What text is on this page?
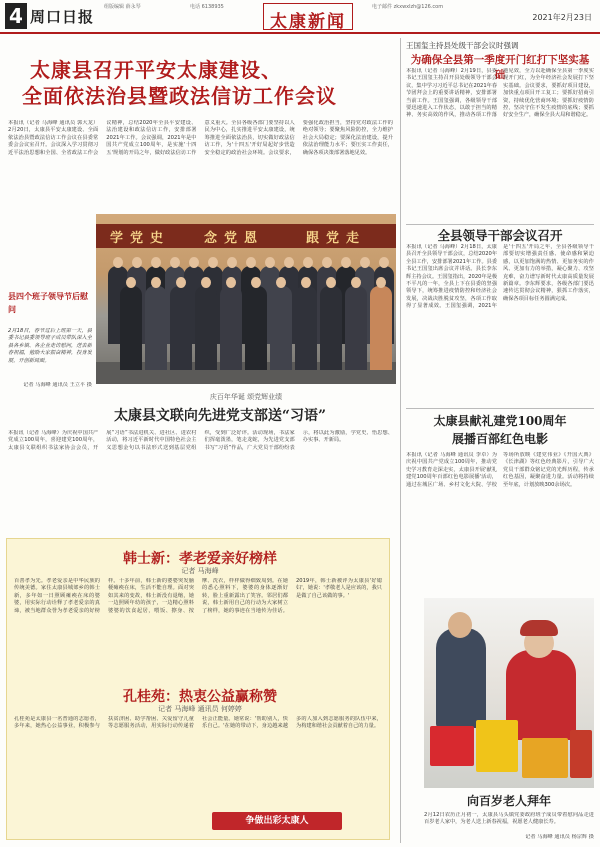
4 周口日报
组版编辑 薛永琴	电话 6138935
太康新闻
电子邮件 zkxwxlzh@126.com
2021年2月23日
太康县召开平安太康建设、
全面依法治县暨政法信访工作会议
本报讯（记者 马海峰 通讯员 郭大龙）2月20日，太康县平安太康建设、全面依法治县暨政法信访工作会议在县委常委会会议室召开。会议深入学习贯彻习近平法治思想和全国、全省政法工作会议精神，总结2020年全县平安建设、法治建设和政法信访工作，安排部署2021年工作。会议强调，2021年是中国共产党成立100周年，是实施'十四五'规划的开局之年，做好政法信访工作意义重大。全县各级各部门要坚持以人民为中心，扎实推进平安太康建设，统筹推进全面依法治县，切实做好政法信访工作，为'十四五'开好局起好步营造安全稳定的政治社会环境。会议要求，要强化政治担当，坚持党对政法工作的绝对领导；要聚焦风险防控，全力维护社会大局稳定；要深化法治建设，提升依法治理能力水平；要压实工作责任，确保各项决策部署落地见效。
学 党 史	念 党 恩	跟 党 走
县四个班子领导节后慰问
2月18日，春节过后上班第一天，县委书记县委领导班子成员带队深入全县各乡镇、各企业走访慰问，送去新春祝福，勉励大家振奋精神，投身发展，开创新局面。
记者 马海峰 通讯员 王立平 摄
庆百年华诞 颂党辉业绩
太康县文联向先进党支部送“习语”
本报讯（记者 马海峰）为庆祝中国共产党成立100周年，喜迎建党100周年，太康县文联组织书法家协会会员，开展“习语”书法进机关、进社区、进农村活动，将习近平新时代中国特色社会主义思想金句以书法形式送到基层党组织，受到广泛好评。活动现场，书法家们挥毫泼墨，笔走龙蛇，为先进党支部书写“习语”作品，广大党员干部纷纷表示，将以此为激励，学党史、悟思想、办实事、开新局。
韩士新：孝老爱亲好榜样
记者 马海峰
百善孝为先。孝老爱亲是中华民族的传统美德。家住太康县城郊乡的韩士新，多年如一日照顾瘫痪在床的婆婆，用实际行动诠释了孝老爱亲的真谛，被当地群众誉为孝老爱亲的好榜样。十多年前，韩士新的婆婆突发脑梗瘫痪在床，生活不能自理。面对突如其来的变故，韩士新没有退缩，她一边照顾年幼的孩子，一边精心照料婆婆的饮食起居，喂饭、擦身、按摩、洗衣，样样做得细致周到。在她的悉心照料下，婆婆的身体逐渐好转，脸上重新露出了笑容。邻居们都说，韩士新用自己的行动为大家树立了榜样，她的事迹在当地传为佳话。2019年，韩士新被评为太康县'好媳妇'，她说：'孝敬老人是应该的，我只是做了自己该做的事。'
孔桂苑：热衷公益赢称赞
记者 马海峰 通讯员 何婷婷
孔桂苑是太康县一名普通的志愿者，多年来，她热心公益事业，积极参与扶贫济困、助学帮困、关爱留守儿童等志愿服务活动，用实际行动传递着社会正能量。她常说：'帮助别人，快乐自己。'在她的带动下，身边越来越多的人加入到志愿服务的队伍中来，为构建和谐社会贡献着自己的力量。
争做出彩太康人
王国玺主持县处级干部会议时强调
为确保全县第一季度开门红打下坚实基础
本报讯（记者 马海峰）2月19日，县委书记王国玺主持召开县处级领导干部会议，集中学习习近平总书记在2021年春节团拜会上的重要讲话精神，安排部署当前工作。王国玺强调，各级领导干部要迅速进入工作状态，以敢于担当的精神、务实高效的作风，推动各项工作落地见效，全力以赴确保全县第一季度实现开门红，为全年经济社会发展打下坚实基础。会议要求，要抓好项目建设，加快重点项目开工复工；要抓好招商引资，持续优化营商环境；要抓好疫情防控，坚决守住不发生疫情的底线；要抓好安全生产，确保全县大局和谐稳定。
全县领导干部会议召开
本报讯（记者 马海峰）2月18日，太康县召开全县领导干部会议，总结2020年全县工作，安排部署2021年工作。县委书记王国玺出席会议并讲话。县长李东辉主持会议。王国玺指出，2020年是极不平凡的一年，全县上下在县委的坚强领导下，统筹推进疫情防控和经济社会发展，决战决胜脱贫攻坚，各项工作取得了显著成效。王国玺强调，2021年是'十四五'开局之年，全县各级领导干部要切实增强责任感、使命感和紧迫感，以更加饱满的热情、更加务实的作风、更加有力的举措，凝心聚力、攻坚克难，奋力谱写新时代太康高质量发展新篇章。李东辉要求，各级各部门要迅速传达贯彻会议精神，狠抓工作落实，确保各项目标任务圆满完成。
太康县献礼建党100周年
展播百部红色电影
本报讯（记者 马海峰 通讯员 李卓）为庆祝中国共产党成立100周年，推动党史学习教育走深走实，太康县开展'献礼建党100周年百部红色电影展播'活动，通过在城区广场、乡村文化大院、学校等场所放映《建党伟业》《开国大典》《长津湖》等红色经典影片，引导广大党员干部群众铭记党的光辉历程，传承红色基因，凝聚奋进力量。活动将持续至年底，计划放映300余场次。
向百岁老人拜年
2月12日农历正月初一，太康县马头镇党委政府班子成员带着慰问品走进百岁老人家中，为老人送上新春祝福，祝愿老人健康长寿。
记者 马海峰 通讯员 杨宗辉 摄
